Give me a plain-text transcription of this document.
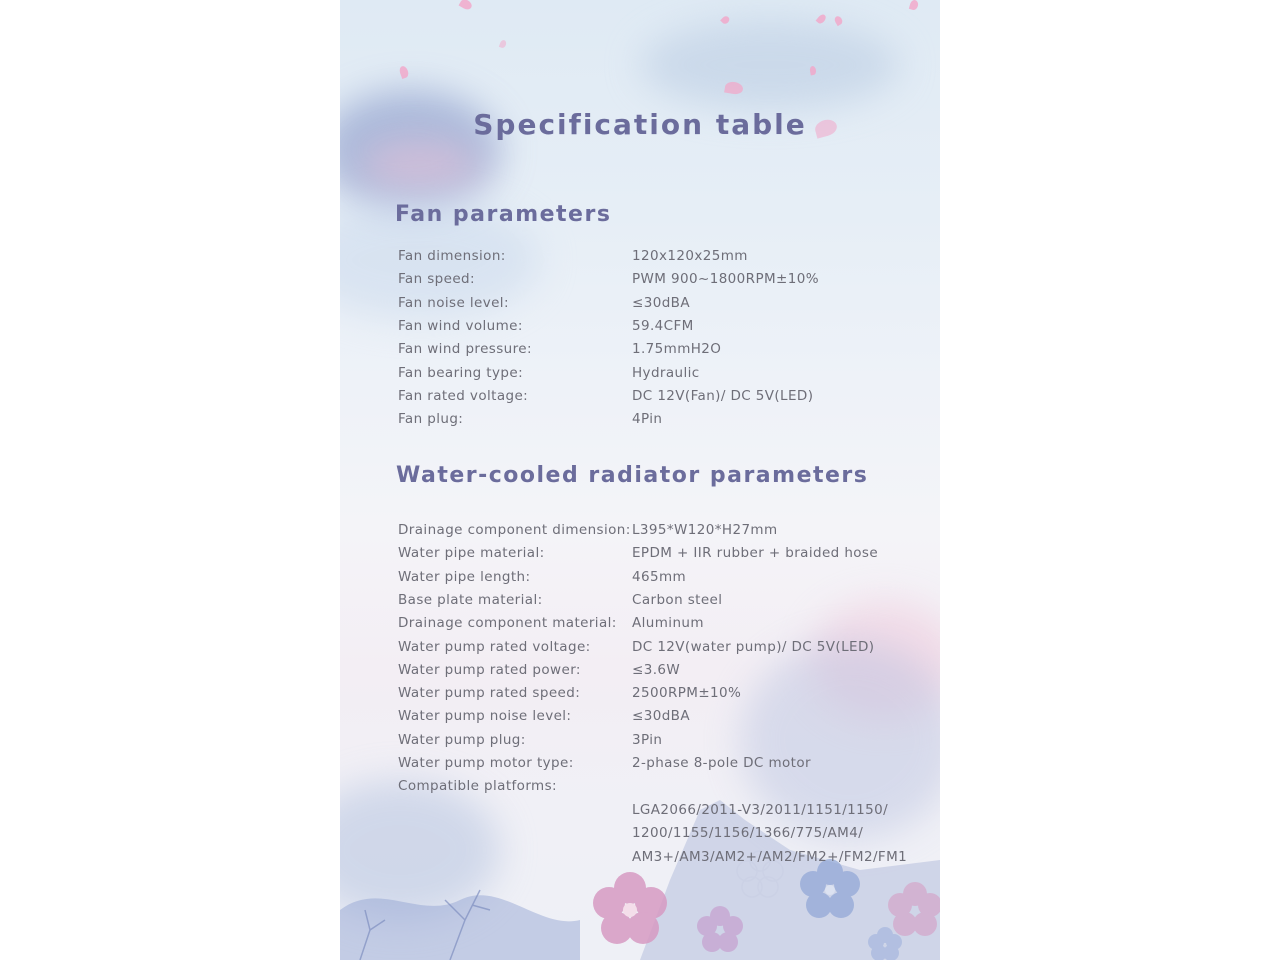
Specification table
Fan parameters
Fan dimension:	120x120x25mm
Fan speed:	PWM 900~1800RPM±10%
Fan noise level:	≤30dBA
Fan wind volume:	59.4CFM
Fan wind pressure:	1.75mmH2O
Fan bearing type:	Hydraulic
Fan rated voltage:	DC 12V(Fan)/ DC 5V(LED)
Fan plug:	4Pin
Water-cooled radiator parameters
Drainage component dimension: L395*W120*H27mm
Water pipe material:	EPDM + IIR rubber + braided hose
Water pipe length:	465mm
Base plate material:	Carbon steel
Drainage component material: Aluminum
Water pump rated voltage:	DC 12V(water pump)/ DC 5V(LED)
Water pump rated power:	≤3.6W
Water pump rated speed:	2500RPM±10%
Water pump noise level:	≤30dBA
Water pump plug:	3Pin
Water pump motor type:	2-phase 8-pole DC motor
Compatible platforms:
LGA2066/2011-V3/2011/1151/1150/
1200/1155/1156/1366/775/AM4/
AM3+/AM3/AM2+/AM2/FM2+/FM2/FM1
